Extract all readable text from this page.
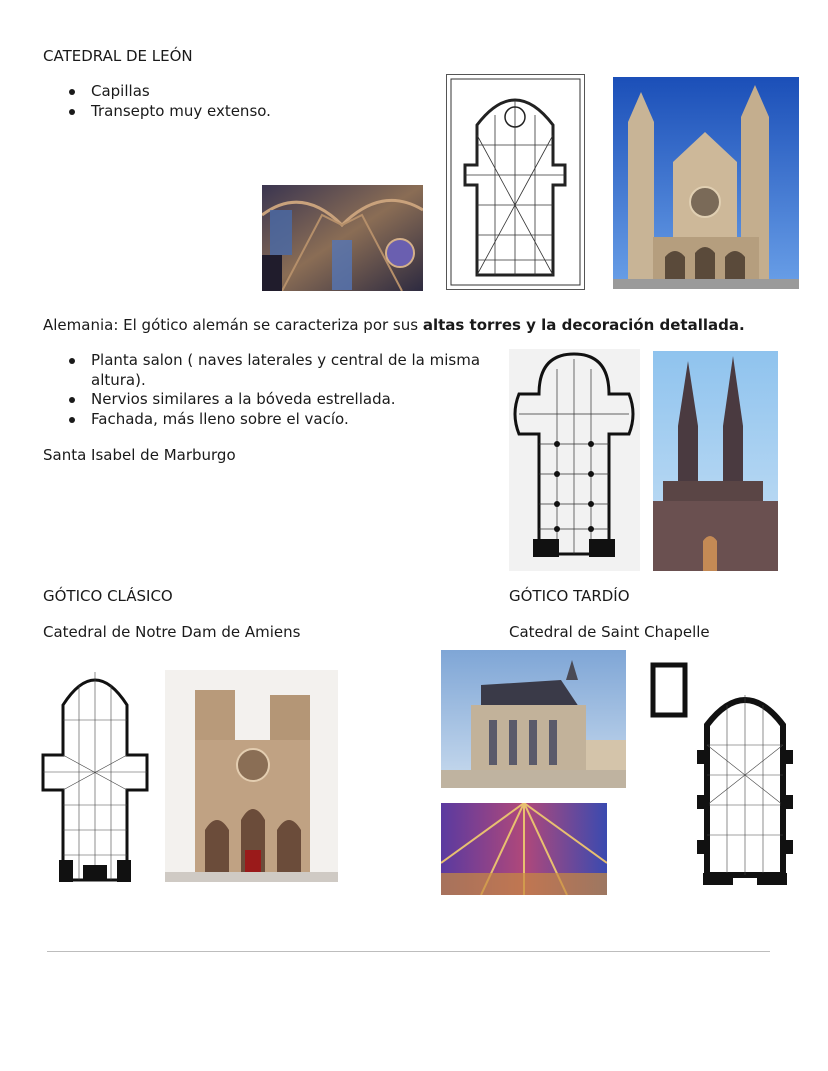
CATEDRAL DE LEÓN
Capillas
Transepto muy extenso.
Alemania: El gótico alemán se caracteriza por sus altas torres y la decoración detallada.
Planta salon ( naves laterales y central de la misma altura).
Nervios similares a la bóveda estrellada.
Fachada, más lleno sobre el vacío.
Santa Isabel de Marburgo
GÓTICO CLÁSICO
Catedral de Notre Dam de Amiens
GÓTICO TARDÍO
Catedral de Saint Chapelle
